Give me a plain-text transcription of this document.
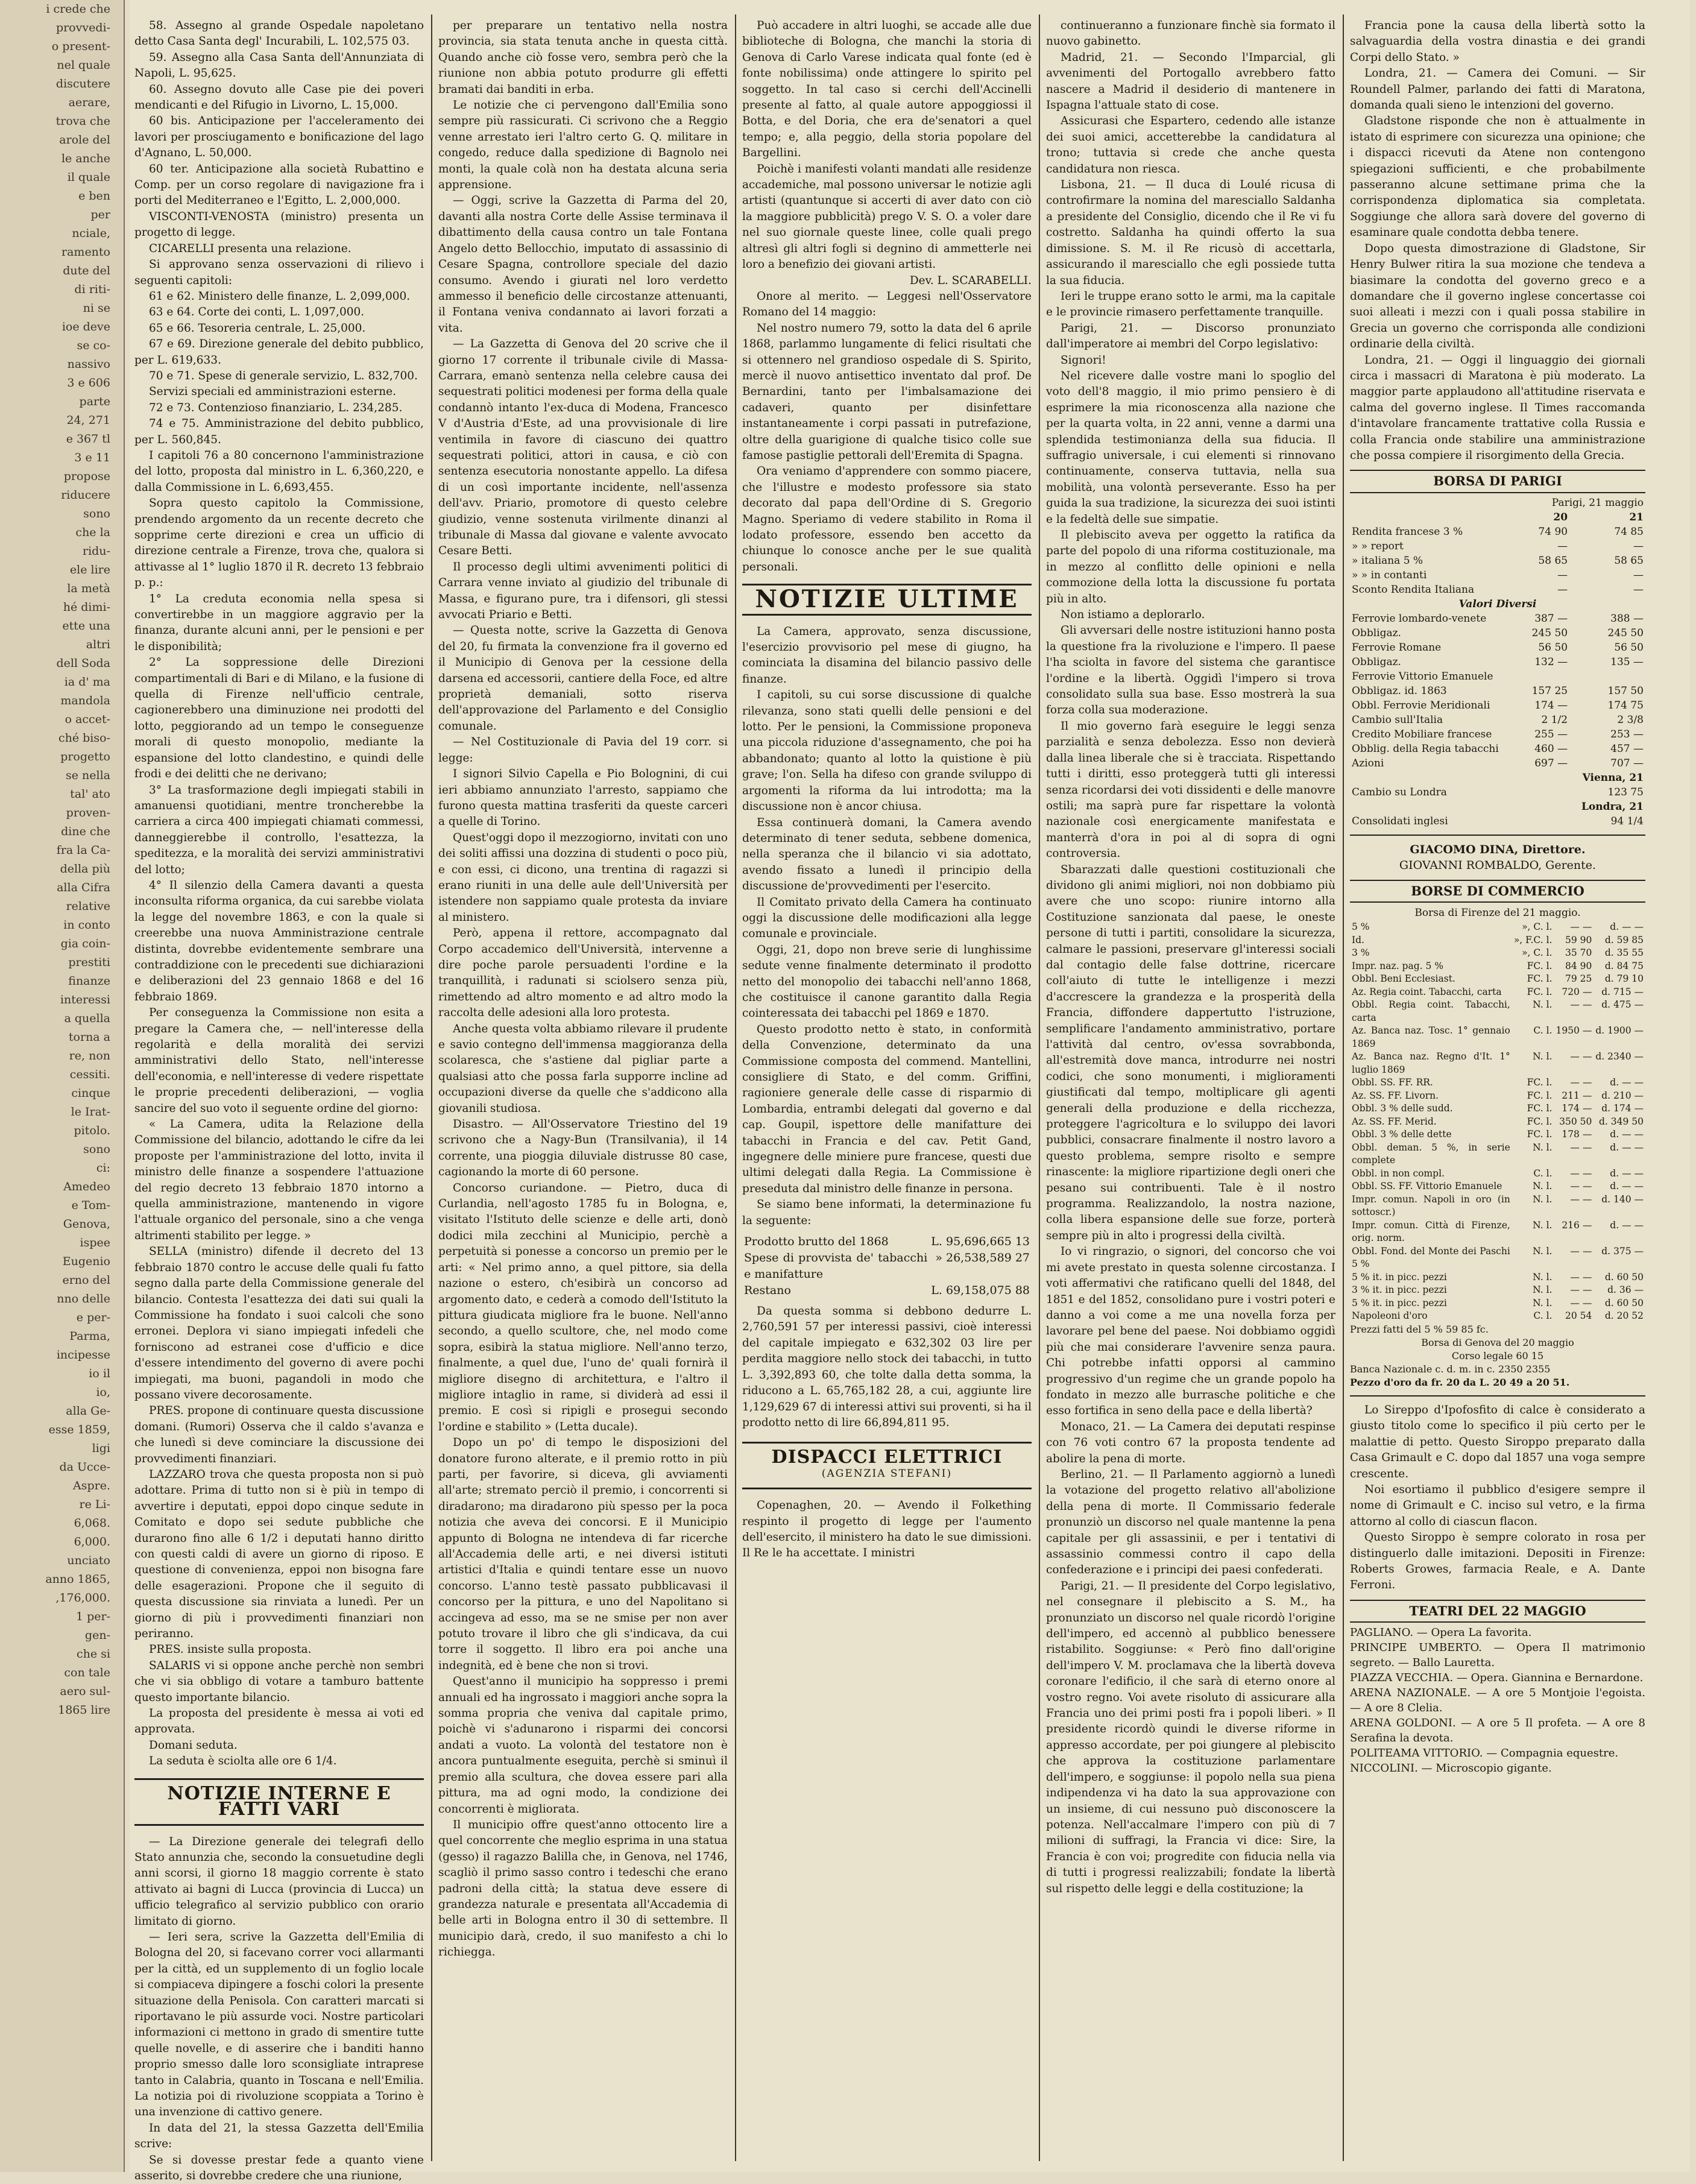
i crede che
provvedi-
o present-
nel quale
discutere
aerare,
trova che
arole del
le anche
il quale
e ben
per
nciale,
ramento
dute del
di riti-
ni se
ioe deve
se co-
nassivo
3 e 606
parte
24, 271
e 367 tl
3 e 11
propose
riducere
sono
che la
ridu-
ele lire
la metà
hé dimi-
ette una
altri
dell Soda
ia d' ma
mandola
o accet-
ché biso-
progetto
se nella
tal' ato
proven-
dine che
fra la Ca-
della più
alla Cifra
relative
in conto
gia coin-
prestiti
finanze
interessi
a quella
torna a
re, non
cessiti.
cinque
le Irat-
pitolo.
sono
ci:
Amedeo
e Tom-
Genova,
ispee
Eugenio
erno del
nno delle
e per-
Parma,
incipesse
io il
io,
alla Ge-
esse 1859,
ligi
da Ucce-
Aspre.
re Li-
6,068.
6,000.
unciato
anno 1865,
,176,000.
1 per-
gen-
che si
con tale
aero sul-
1865 lire

58. Assegno al grande Ospedale napoletano detto Casa Santa degl' Incurabili, L. 102,575 03.

59. Assegno alla Casa Santa dell'Annunziata di Napoli, L. 95,625.

60. Assegno dovuto alle Case pie dei poveri mendicanti e del Rifugio in Livorno, L. 15,000.

60 bis. Anticipazione per l'acceleramento dei lavori per prosciugamento e bonificazione del lago d'Agnano, L. 50,000.

60 ter. Anticipazione alla società Rubattino e Comp. per un corso regolare di navigazione fra i porti del Mediterraneo e l'Egitto, L. 2,000,000.

VISCONTI-VENOSTA (ministro) presenta un progetto di legge.

CICARELLI presenta una relazione.

Si approvano senza osservazioni di rilievo i seguenti capitoli:

61 e 62. Ministero delle finanze, L. 2,099,000.

63 e 64. Corte dei conti, L. 1,097,000.

65 e 66. Tesoreria centrale, L. 25,000.

67 e 69. Direzione generale del debito pubblico, per L. 619,633.

70 e 71. Spese di generale servizio, L. 832,700.

Servizi speciali ed amministrazioni esterne.

72 e 73. Contenzioso finanziario, L. 234,285.

74 e 75. Amministrazione del debito pubblico, per L. 560,845.

I capitoli 76 a 80 concernono l'amministrazione del lotto, proposta dal ministro in L. 6,360,220, e dalla Commissione in L. 6,693,455.

Sopra questo capitolo la Commissione, prendendo argomento da un recente decreto che sopprime certe direzioni e crea un ufficio di direzione centrale a Firenze, trova che, qualora si attivasse al 1° luglio 1870 il R. decreto 13 febbraio p. p.:

1° La creduta economia nella spesa si convertirebbe in un maggiore aggravio per la finanza, durante alcuni anni, per le pensioni e per le disponibilità;

2° La soppressione delle Direzioni compartimentali di Bari e di Milano, e la fusione di quella di Firenze nell'ufficio centrale, cagionerebbero una diminuzione nei prodotti del lotto, peggiorando ad un tempo le conseguenze morali di questo monopolio, mediante la espansione del lotto clandestino, e quindi delle frodi e dei delitti che ne derivano;

3° La trasformazione degli impiegati stabili in amanuensi quotidiani, mentre troncherebbe la carriera a circa 400 impiegati chiamati commessi, danneggierebbe il controllo, l'esattezza, la speditezza, e la moralità dei servizi amministrativi del lotto;

4° Il silenzio della Camera davanti a questa inconsulta riforma organica, da cui sarebbe violata la legge del novembre 1863, e con la quale si creerebbe una nuova Amministrazione centrale distinta, dovrebbe evidentemente sembrare una contraddizione con le precedenti sue dichiarazioni e deliberazioni del 23 gennaio 1868 e del 16 febbraio 1869.

Per conseguenza la Commissione non esita a pregare la Camera che, — nell'interesse della regolarità e della moralità dei servizi amministrativi dello Stato, nell'interesse dell'economia, e nell'interesse di vedere rispettate le proprie precedenti deliberazioni, — voglia sancire del suo voto il seguente ordine del giorno:

« La Camera, udita la Relazione della Commissione del bilancio, adottando le cifre da lei proposte per l'amministrazione del lotto, invita il ministro delle finanze a sospendere l'attuazione del regio decreto 13 febbraio 1870 intorno a quella amministrazione, mantenendo in vigore l'attuale organico del personale, sino a che venga altrimenti stabilito per legge. »

SELLA (ministro) difende il decreto del 13 febbraio 1870 contro le accuse delle quali fu fatto segno dalla parte della Commissione generale del bilancio. Contesta l'esattezza dei dati sui quali la Commissione ha fondato i suoi calcoli che sono erronei. Deplora vi siano impiegati infedeli che forniscono ad estranei cose d'ufficio e dice d'essere intendimento del governo di avere pochi impiegati, ma buoni, pagandoli in modo che possano vivere decorosamente.

PRES. propone di continuare questa discussione domani. (Rumori) Osserva che il caldo s'avanza e che lunedì si deve cominciare la discussione dei provvedimenti finanziari.

LAZZARO trova che questa proposta non si può adottare. Prima di tutto non si è più in tempo di avvertire i deputati, eppoi dopo cinque sedute in Comitato e dopo sei sedute pubbliche che durarono fino alle 6 1/2 i deputati hanno diritto con questi caldi di avere un giorno di riposo. E questione di convenienza, eppoi non bisogna fare delle esagerazioni. Propone che il seguito di questa discussione sia rinviata a lunedì. Per un giorno di più i provvedimenti finanziari non periranno.

PRES. insiste sulla proposta.

SALARIS vi si oppone anche perchè non sembri che vi sia obbligo di votare a tamburo battente questo importante bilancio.

La proposta del presidente è messa ai voti ed approvata.

Domani seduta.

La seduta è sciolta alle ore 6 1/4.

NOTIZIE INTERNE E FATTI VARI

— La Direzione generale dei telegrafi dello Stato annunzia che, secondo la consuetudine degli anni scorsi, il giorno 18 maggio corrente è stato attivato ai bagni di Lucca (provincia di Lucca) un ufficio telegrafico al servizio pubblico con orario limitato di giorno.

— Ieri sera, scrive la Gazzetta dell'Emilia di Bologna del 20, si facevano correr voci allarmanti per la città, ed un supplemento di un foglio locale si compiaceva dipingere a foschi colori la presente situazione della Penisola. Con caratteri marcati si riportavano le più assurde voci. Nostre particolari informazioni ci mettono in grado di smentire tutte quelle novelle, e di asserire che i banditi hanno proprio smesso dalle loro sconsigliate intraprese tanto in Calabria, quanto in Toscana e nell'Emilia. La notizia poi di rivoluzione scoppiata a Torino è una invenzione di cattivo genere.

In data del 21, la stessa Gazzetta dell'Emilia scrive:

Se si dovesse prestar fede a quanto viene asserito, si dovrebbe credere che una riunione,

per preparare un tentativo nella nostra provincia, sia stata tenuta anche in questa città. Quando anche ciò fosse vero, sembra però che la riunione non abbia potuto produrre gli effetti bramati dai banditi in erba.

Le notizie che ci pervengono dall'Emilia sono sempre più rassicurati. Ci scrivono che a Reggio venne arrestato ieri l'altro certo G. Q. militare in congedo, reduce dalla spedizione di Bagnolo nei monti, la quale colà non ha destata alcuna seria apprensione.

— Oggi, scrive la Gazzetta di Parma del 20, davanti alla nostra Corte delle Assise terminava il dibattimento della causa contro un tale Fontana Angelo detto Bellocchio, imputato di assassinio di Cesare Spagna, controllore speciale del dazio consumo. Avendo i giurati nel loro verdetto ammesso il beneficio delle circostanze attenuanti, il Fontana veniva condannato ai lavori forzati a vita.

— La Gazzetta di Genova del 20 scrive che il giorno 17 corrente il tribunale civile di Massa-Carrara, emanò sentenza nella celebre causa dei sequestrati politici modenesi per forma della quale condannò intanto l'ex-duca di Modena, Francesco V d'Austria d'Este, ad una provvisionale di lire ventimila in favore di ciascuno dei quattro sequestrati politici, attori in causa, e ciò con sentenza esecutoria nonostante appello. La difesa di un così importante incidente, nell'assenza dell'avv. Priario, promotore di questo celebre giudizio, venne sostenuta virilmente dinanzi al tribunale di Massa dal giovane e valente avvocato Cesare Betti.

Il processo degli ultimi avvenimenti politici di Carrara venne inviato al giudizio del tribunale di Massa, e figurano pure, tra i difensori, gli stessi avvocati Priario e Betti.

— Questa notte, scrive la Gazzetta di Genova del 20, fu firmata la convenzione fra il governo ed il Municipio di Genova per la cessione della darsena ed accessorii, cantiere della Foce, ed altre proprietà demaniali, sotto riserva dell'approvazione del Parlamento e del Consiglio comunale.

— Nel Costituzionale di Pavia del 19 corr. si legge:

I signori Silvio Capella e Pio Bolognini, di cui ieri abbiamo annunziato l'arresto, sappiamo che furono questa mattina trasferiti da queste carceri a quelle di Torino.

Quest'oggi dopo il mezzogiorno, invitati con uno dei soliti affissi una dozzina di studenti o poco più, e con essi, ci dicono, una trentina di ragazzi si erano riuniti in una delle aule dell'Università per istendere non sappiamo quale protesta da inviare al ministero.

Però, appena il rettore, accompagnato dal Corpo accademico dell'Università, intervenne a dire poche parole persuadenti l'ordine e la tranquillità, i radunati si sciolsero senza più, rimettendo ad altro momento e ad altro modo la raccolta delle adesioni alla loro protesta.

Anche questa volta abbiamo rilevare il prudente e savio contegno dell'immensa maggioranza della scolaresca, che s'astiene dal pigliar parte a qualsiasi atto che possa farla supporre incline ad occupazioni diverse da quelle che s'addicono alla giovanili studiosa.

Disastro. — All'Osservatore Triestino del 19 scrivono che a Nagy-Bun (Transilvania), il 14 corrente, una pioggia diluviale distrusse 80 case, cagionando la morte di 60 persone.

Concorso curiandone. — Pietro, duca di Curlandia, nell'agosto 1785 fu in Bologna, e, visitato l'Istituto delle scienze e delle arti, donò dodici mila zecchini al Municipio, perchè a perpetuità si ponesse a concorso un premio per le arti: « Nel primo anno, a quel pittore, sia della nazione o estero, ch'esibirà un concorso ad argomento dato, e cederà a comodo dell'Istituto la pittura giudicata migliore fra le buone. Nell'anno secondo, a quello scultore, che, nel modo come sopra, esibirà la statua migliore. Nell'anno terzo, finalmente, a quel due, l'uno de' quali fornirà il migliore disegno di architettura, e l'altro il migliore intaglio in rame, si dividerà ad essi il premio. E così si ripigli e prosegui secondo l'ordine e stabilito » (Letta ducale).

Dopo un po' di tempo le disposizioni del donatore furono alterate, e il premio rotto in più parti, per favorire, si diceva, gli avviamenti all'arte; stremato perciò il premio, i concorrenti si diradarono; ma diradarono più spesso per la poca notizia che aveva dei concorsi. E il Municipio appunto di Bologna ne intendeva di far ricerche all'Accademia delle arti, e nei diversi istituti artistici d'Italia e quindi tentare esse un nuovo concorso. L'anno testè passato pubblicavasi il concorso per la pittura, e uno del Napolitano si accingeva ad esso, ma se ne smise per non aver potuto trovare il libro che gli s'indicava, da cui torre il soggetto. Il libro era poi anche una indegnità, ed è bene che non si trovi.

Quest'anno il municipio ha soppresso i premi annuali ed ha ingrossato i maggiori anche sopra la somma propria che veniva dal capitale primo, poichè vi s'adunarono i risparmi dei concorsi andati a vuoto. La volontà del testatore non è ancora puntualmente eseguita, perchè si sminuì il premio alla scultura, che dovea essere pari alla pittura, ma ad ogni modo, la condizione dei concorrenti è migliorata.

Il municipio offre quest'anno ottocento lire a quel concorrente che meglio esprima in una statua (gesso) il ragazzo Balilla che, in Genova, nel 1746, scagliò il primo sasso contro i tedeschi che erano padroni della città; la statua deve essere di grandezza naturale e presentata all'Accademia di belle arti in Bologna entro il 30 di settembre. Il municipio darà, credo, il suo manifesto a chi lo richiegga.

Può accadere in altri luoghi, se accade alle due biblioteche di Bologna, che manchi la storia di Genova di Carlo Varese indicata qual fonte (ed è fonte nobilissima) onde attingere lo spirito pel soggetto. In tal caso si cerchi dell'Accinelli presente al fatto, al quale autore appoggiossi il Botta, e del Doria, che era de'senatori a quel tempo; e, alla peggio, della storia popolare del Bargellini.

Poichè i manifesti volanti mandati alle residenze accademiche, mal possono universar le notizie agli artisti (quantunque si accerti di aver dato con ciò la maggiore pubblicità) prego V. S. O. a voler dare nel suo giornale queste linee, colle quali prego altresì gli altri fogli si degnino di ammetterle nei loro a benefizio dei giovani artisti.

Dev. L. SCARABELLI.

Onore al merito. — Leggesi nell'Osservatore Romano del 14 maggio:

Nel nostro numero 79, sotto la data del 6 aprile 1868, parlammo lungamente di felici risultati che si ottennero nel grandioso ospedale di S. Spirito, mercè il nuovo antisettico inventato dal prof. De Bernardini, tanto per l'imbalsamazione dei cadaveri, quanto per disinfettare instantaneamente i corpi passati in putrefazione, oltre della guarigione di qualche tisico colle sue famose pastiglie pettorali dell'Eremita di Spagna.

Ora veniamo d'apprendere con sommo piacere, che l'illustre e modesto professore sia stato decorato dal papa dell'Ordine di S. Gregorio Magno. Speriamo di vedere stabilito in Roma il lodato professore, essendo ben accetto da chiunque lo conosce anche per le sue qualità personali.

NOTIZIE ULTIME

La Camera, approvato, senza discussione, l'esercizio provvisorio pel mese di giugno, ha cominciata la disamina del bilancio passivo delle finanze.

I capitoli, su cui sorse discussione di qualche rilevanza, sono stati quelli delle pensioni e del lotto. Per le pensioni, la Commissione proponeva una piccola riduzione d'assegnamento, che poi ha abbandonato; quanto al lotto la quistione è più grave; l'on. Sella ha difeso con grande sviluppo di argomenti la riforma da lui introdotta; ma la discussione non è ancor chiusa.

Essa continuerà domani, la Camera avendo determinato di tener seduta, sebbene domenica, nella speranza che il bilancio vi sia adottato, avendo fissato a lunedì il principio della discussione de'provvedimenti per l'esercito.

Il Comitato privato della Camera ha continuato oggi la discussione delle modificazioni alla legge comunale e provinciale.

Oggi, 21, dopo non breve serie di lunghissime sedute venne finalmente determinato il prodotto netto del monopolio dei tabacchi nell'anno 1868, che costituisce il canone garantito dalla Regia cointeressata dei tabacchi pel 1869 e 1870.

Questo prodotto netto è stato, in conformità della Convenzione, determinato da una Commissione composta del commend. Mantellini, consigliere di Stato, e del comm. Griffini, ragioniere generale delle casse di risparmio di Lombardia, entrambi delegati dal governo e dal cap. Goupil, ispettore delle manifatture dei tabacchi in Francia e del cav. Petit Gand, ingegnere delle miniere pure francese, questi due ultimi delegati dalla Regia. La Commissione è preseduta dal ministro delle finanze in persona.

Se siamo bene informati, la determinazione fu la seguente:

Prodotto brutto del 1868	L. 95,696,665 13
Spese di provvista de' tabacchi e manifatture	» 26,538,589 27
Restano	L. 69,158,075 88

Da questa somma si debbono dedurre L. 2,760,591 57 per interessi passivi, cioè interessi del capitale impiegato e 632,302 03 lire per perdita maggiore nello stock dei tabacchi, in tutto L. 3,392,893 60, che tolte dalla detta somma, la riducono a L. 65,765,182 28, a cui, aggiunte lire 1,129,629 67 di interessi attivi sui proventi, si ha il prodotto netto di lire 66,894,811 95.

DISPACCI ELETTRICI
(AGENZIA STEFANI)

Copenaghen, 20. — Avendo il Folkething respinto il progetto di legge per l'aumento dell'esercito, il ministero ha dato le sue dimissioni. Il Re le ha accettate. I ministri

continueranno a funzionare finchè sia formato il nuovo gabinetto.

Madrid, 21. — Secondo l'Imparcial, gli avvenimenti del Portogallo avrebbero fatto nascere a Madrid il desiderio di mantenere in Ispagna l'attuale stato di cose.

Assicurasi che Espartero, cedendo alle istanze dei suoi amici, accetterebbe la candidatura al trono; tuttavia si crede che anche questa candidatura non riesca.

Lisbona, 21. — Il duca di Loulé ricusa di controfirmare la nomina del maresciallo Saldanha a presidente del Consiglio, dicendo che il Re vi fu costretto. Saldanha ha quindi offerto la sua dimissione. S. M. il Re ricusò di accettarla, assicurando il maresciallo che egli possiede tutta la sua fiducia.

Ieri le truppe erano sotto le armi, ma la capitale e le provincie rimasero perfettamente tranquille.

Parigi, 21. — Discorso pronunziato dall'imperatore ai membri del Corpo legislativo:

Signori!

Nel ricevere dalle vostre mani lo spoglio del voto dell'8 maggio, il mio primo pensiero è di esprimere la mia riconoscenza alla nazione che per la quarta volta, in 22 anni, venne a darmi una splendida testimonianza della sua fiducia. Il suffragio universale, i cui elementi si rinnovano continuamente, conserva tuttavia, nella sua mobilità, una volontà perseverante. Esso ha per guida la sua tradizione, la sicurezza dei suoi istinti e la fedeltà delle sue simpatie.

Il plebiscito aveva per oggetto la ratifica da parte del popolo di una riforma costituzionale, ma in mezzo al conflitto delle opinioni e nella commozione della lotta la discussione fu portata più in alto.

Non istiamo a deplorarlo.

Gli avversari delle nostre istituzioni hanno posta la questione fra la rivoluzione e l'impero. Il paese l'ha sciolta in favore del sistema che garantisce l'ordine e la libertà. Oggidì l'impero si trova consolidato sulla sua base. Esso mostrerà la sua forza colla sua moderazione.

Il mio governo farà eseguire le leggi senza parzialità e senza debolezza. Esso non devierà dalla linea liberale che si è tracciata. Rispettando tutti i diritti, esso proteggerà tutti gli interessi senza ricordarsi dei voti dissidenti e delle manovre ostili; ma saprà pure far rispettare la volontà nazionale così energicamente manifestata e manterrà d'ora in poi al di sopra di ogni controversia.

Sbarazzati dalle questioni costituzionali che dividono gli animi migliori, noi non dobbiamo più avere che uno scopo: riunire intorno alla Costituzione sanzionata dal paese, le oneste persone di tutti i partiti, consolidare la sicurezza, calmare le passioni, preservare gl'interessi sociali dal contagio delle false dottrine, ricercare coll'aiuto di tutte le intelligenze i mezzi d'accrescere la grandezza e la prosperità della Francia, diffondere dappertutto l'istruzione, semplificare l'andamento amministrativo, portare l'attività dal centro, ov'essa sovrabbonda, all'estremità dove manca, introdurre nei nostri codici, che sono monumenti, i miglioramenti giustificati dal tempo, moltiplicare gli agenti generali della produzione e della ricchezza, proteggere l'agricoltura e lo sviluppo dei lavori pubblici, consacrare finalmente il nostro lavoro a questo problema, sempre risolto e sempre rinascente: la migliore ripartizione degli oneri che pesano sui contribuenti. Tale è il nostro programma. Realizzandolo, la nostra nazione, colla libera espansione delle sue forze, porterà sempre più in alto i progressi della civiltà.

Io vi ringrazio, o signori, del concorso che voi mi avete prestato in questa solenne circostanza. I voti affermativi che ratificano quelli del 1848, del 1851 e del 1852, consolidano pure i vostri poteri e danno a voi come a me una novella forza per lavorare pel bene del paese. Noi dobbiamo oggidì più che mai considerare l'avvenire senza paura. Chi potrebbe infatti opporsi al cammino progressivo d'un regime che un grande popolo ha fondato in mezzo alle burrasche politiche e che esso fortifica in seno della pace e della libertà?

Monaco, 21. — La Camera dei deputati respinse con 76 voti contro 67 la proposta tendente ad abolire la pena di morte.

Berlino, 21. — Il Parlamento aggiornò a lunedì la votazione del progetto relativo all'abolizione della pena di morte. Il Commissario federale pronunziò un discorso nel quale mantenne la pena capitale per gli assassinii, e per i tentativi di assassinio commessi contro il capo della confederazione e i principi dei paesi confederati.

Parigi, 21. — Il presidente del Corpo legislativo, nel consegnare il plebiscito a S. M., ha pronunziato un discorso nel quale ricordò l'origine dell'impero, ed accennò al pubblico benessere ristabilito. Soggiunse: « Però fino dall'origine dell'impero V. M. proclamava che la libertà doveva coronare l'edificio, il che sarà di eterno onore al vostro regno. Voi avete risoluto di assicurare alla Francia uno dei primi posti fra i popoli liberi. » Il presidente ricordò quindi le diverse riforme in appresso accordate, per poi giungere al plebiscito che approva la costituzione parlamentare dell'impero, e soggiunse: il popolo nella sua piena indipendenza vi ha dato la sua approvazione con un insieme, di cui nessuno può disconoscere la potenza. Nell'accalmare l'impero con più di 7 milioni di suffragi, la Francia vi dice: Sire, la Francia è con voi; progredite con fiducia nella via di tutti i progressi realizzabili; fondate la libertà sul rispetto delle leggi e della costituzione; la

Francia pone la causa della libertà sotto la salvaguardia della vostra dinastia e dei grandi Corpi dello Stato. »

Londra, 21. — Camera dei Comuni. — Sir Roundell Palmer, parlando dei fatti di Maratona, domanda quali sieno le intenzioni del governo.

Gladstone risponde che non è attualmente in istato di esprimere con sicurezza una opinione; che i dispacci ricevuti da Atene non contengono spiegazioni sufficienti, e che probabilmente passeranno alcune settimane prima che la corrispondenza diplomatica sia completata. Soggiunge che allora sarà dovere del governo di esaminare quale condotta debba tenere.

Dopo questa dimostrazione di Gladstone, Sir Henry Bulwer ritira la sua mozione che tendeva a biasimare la condotta del governo greco e a domandare che il governo inglese concertasse coi suoi alleati i mezzi con i quali possa stabilire in Grecia un governo che corrisponda alle condizioni ordinarie della civiltà.

Londra, 21. — Oggi il linguaggio dei giornali circa i massacri di Maratona è più moderato. La maggior parte applaudono all'attitudine riservata e calma del governo inglese. Il Times raccomanda d'intavolare francamente trattative colla Russia e colla Francia onde stabilire una amministrazione che possa compiere il risorgimento della Grecia.

BORSA DI PARIGI
	Parigi, 21 maggio	
	20	21
Rendita francese 3 %	74 90	74 85
» » report	—	—
» italiana 5 %	58 65	58 65
» » in contanti	—	—
Sconto Rendita Italiana	—	—
Valori Diversi		
Ferrovie lombardo-venete	387 —	388 —
Obbligaz.	245 50	245 50
Ferrovie Romane	56 50	56 50
Obbligaz.	132 —	135 —
Ferrovie Vittorio Emanuele		
Obbligaz. id. 1863	157 25	157 50
Obbl. Ferrovie Meridionali	174 —	174 75
Cambio sull'Italia	2 1/2	2 3/8
Credito Mobiliare francese	255 —	253 —
Obblig. della Regia tabacchi	460 —	457 —
Azioni	697 —	707 —
		Vienna, 21
Cambio su Londra		123 75
		Londra, 21
Consolidati inglesi		94 1/4
GIACOMO DINA, Direttore.
GIOVANNI ROMBALDO, Gerente.
BORSE DI COMMERCIO
Borsa di Firenze del 21 maggio.
5 %	», C. l.	— —	d. — —
Id.	», F.C. l.	59 90	d. 59 85
3 %	», C. l.	35 70	d. 35 55
Impr. naz. pag. 5 %	FC. l.	84 90	d. 84 75
Obbl. Beni Ecclesiast.	FC. l.	79 25	d. 79 10
Az. Regia coint. Tabacchi, carta	FC. l.	720 —	d. 715 —
Obbl. Regia coint. Tabacchi, carta	N. l.	— —	d. 475 —
Az. Banca naz. Tosc. 1° gennaio 1869	C. l.	1950 —	d. 1900 —
Az. Banca naz. Regno d'It. 1° luglio 1869	N. l.	— —	d. 2340 —
Obbl. SS. FF. RR.	FC. l.	— —	d. — —
Az. SS. FF. Livorn.	FC. l.	211 —	d. 210 —
Obbl. 3 % delle sudd.	FC. l.	174 —	d. 174 —
Az. SS. FF. Merid.	FC. l.	350 50	d. 349 50
Obbl. 3 % delle dette	FC. l.	178 —	d. — —
Obbl. deman. 5 %, in serie complete	N. l.	— —	d. — —
Obbl. in non compl.	C. l.	— —	d. — —
Obbl. SS. FF. Vittorio Emanuele	N. l.	— —	d. — —
Impr. comun. Napoli in oro (in sottoscr.)	N. l.	— —	d. 140 —
Impr. comun. Città di Firenze, orig. norm.	N. l.	216 —	d. — —
Obbl. Fond. del Monte dei Paschi 5 %	N. l.	— —	d. 375 —
5 % it. in picc. pezzi	N. l.	— —	d. 60 50
3 % it. in picc. pezzi	N. l.	— —	d. 36 —
5 % it. in picc. pezzi	N. l.	— —	d. 60 50
Napoleoni d'oro	C. l.	20 54	d. 20 52
Prezzi fatti del 5 % 59 85 fc.
Borsa di Genova del 20 maggio
Corso legale 60 15
Banca Nazionale c. d. m. in c. 2350 2355
Pezzo d'oro da fr. 20 da L. 20 49 a 20 51.

Lo Sireppo d'Ipofosfito di calce è considerato a giusto titolo come lo specifico il più certo per le malattie di petto. Questo Siroppo preparato dalla Casa Grimault e C. dopo dal 1857 una voga sempre crescente.

Noi esortiamo il pubblico d'esigere sempre il nome di Grimault e C. inciso sul vetro, e la firma attorno al collo di ciascun flacon.

Questo Siroppo è sempre colorato in rosa per distinguerlo dalle imitazioni. Depositi in Firenze: Roberts Growes, farmacia Reale, e A. Dante Ferroni.

TEATRI DEL 22 MAGGIO
PAGLIANO. — Opera La favorita.
PRINCIPE UMBERTO. — Opera Il matrimonio segreto. — Ballo Lauretta.
PIAZZA VECCHIA. — Opera. Giannina e Bernardone.
ARENA NAZIONALE. — A ore 5 Montjoie l'egoista. — A ore 8 Clelia.
ARENA GOLDONI. — A ore 5 Il profeta. — A ore 8 Serafina la devota.
POLITEAMA VITTORIO. — Compagnia equestre.
NICCOLINI. — Microscopio gigante.
